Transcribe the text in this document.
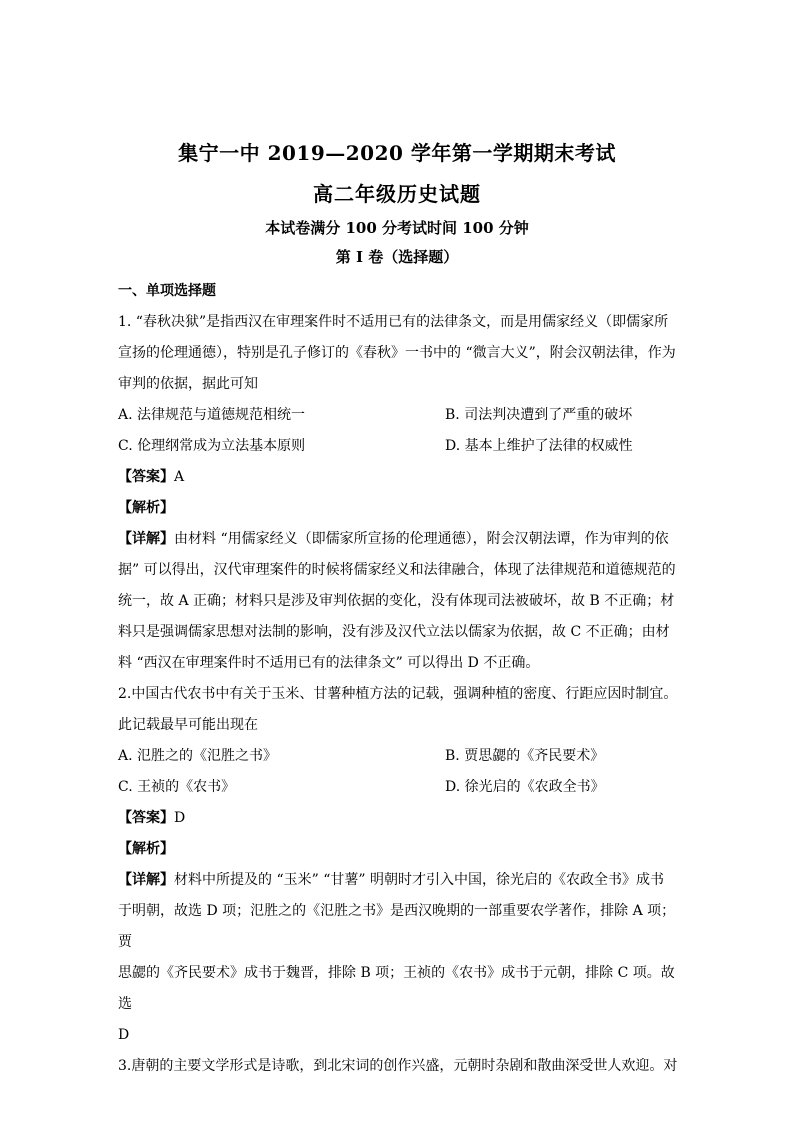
集宁一中 2019—2020 学年第一学期期末考试
高二年级历史试题
本试卷满分 100 分考试时间 100 分钟
第 I 卷（选择题）

一、单项选择题

1. “春秋决狱”是指西汉在审理案件时不适用已有的法律条文，而是用儒家经义（即儒家所

宣扬的伦理通德），特别是孔子修订的《春秋》一书中的 “微言大义”，附会汉朝法律，作为

审判的依据，据此可知

A. 法律规范与道德规范相统一	B. 司法判决遭到了严重的破坏
C. 伦理纲常成为立法基本原则	D. 基本上维护了法律的权威性

【答案】A

【解析】

【详解】由材料 “用儒家经义（即儒家所宣扬的伦理通德），附会汉朝法谭，作为审判的依

据” 可以得出，汉代审理案件的时候将儒家经义和法律融合，体现了法律规范和道德规范的

统一，故 A 正确；材料只是涉及审判依据的变化，没有体现司法被破坏，故 B 不正确；材

料只是强调儒家思想对法制的影响，没有涉及汉代立法以儒家为依据，故 C 不正确；由材

料 “西汉在审理案件时不适用已有的法律条文” 可以得出 D 不正确。

2.中国古代农书中有关于玉米、甘薯种植方法的记载，强调种植的密度、行距应因时制宜。

此记载最早可能出现在

A. 氾胜之的《氾胜之书》	B. 贾思勰的《齐民要术》
C. 王祯的《农书》	D. 徐光启的《农政全书》

【答案】D

【解析】

【详解】材料中所提及的 “玉米” “甘薯” 明朝时才引入中国，徐光启的《农政全书》成书

于明朝，故选 D 项；氾胜之的《氾胜之书》是西汉晚期的一部重要农学著作，排除 A 项；贾

思勰的《齐民要术》成书于魏晋，排除 B 项；王祯的《农书》成书于元朝，排除 C 项。故选

D

3.唐朝的主要文学形式是诗歌，到北宋词的创作兴盛，元朝时杂剧和散曲深受世人欢迎。对
